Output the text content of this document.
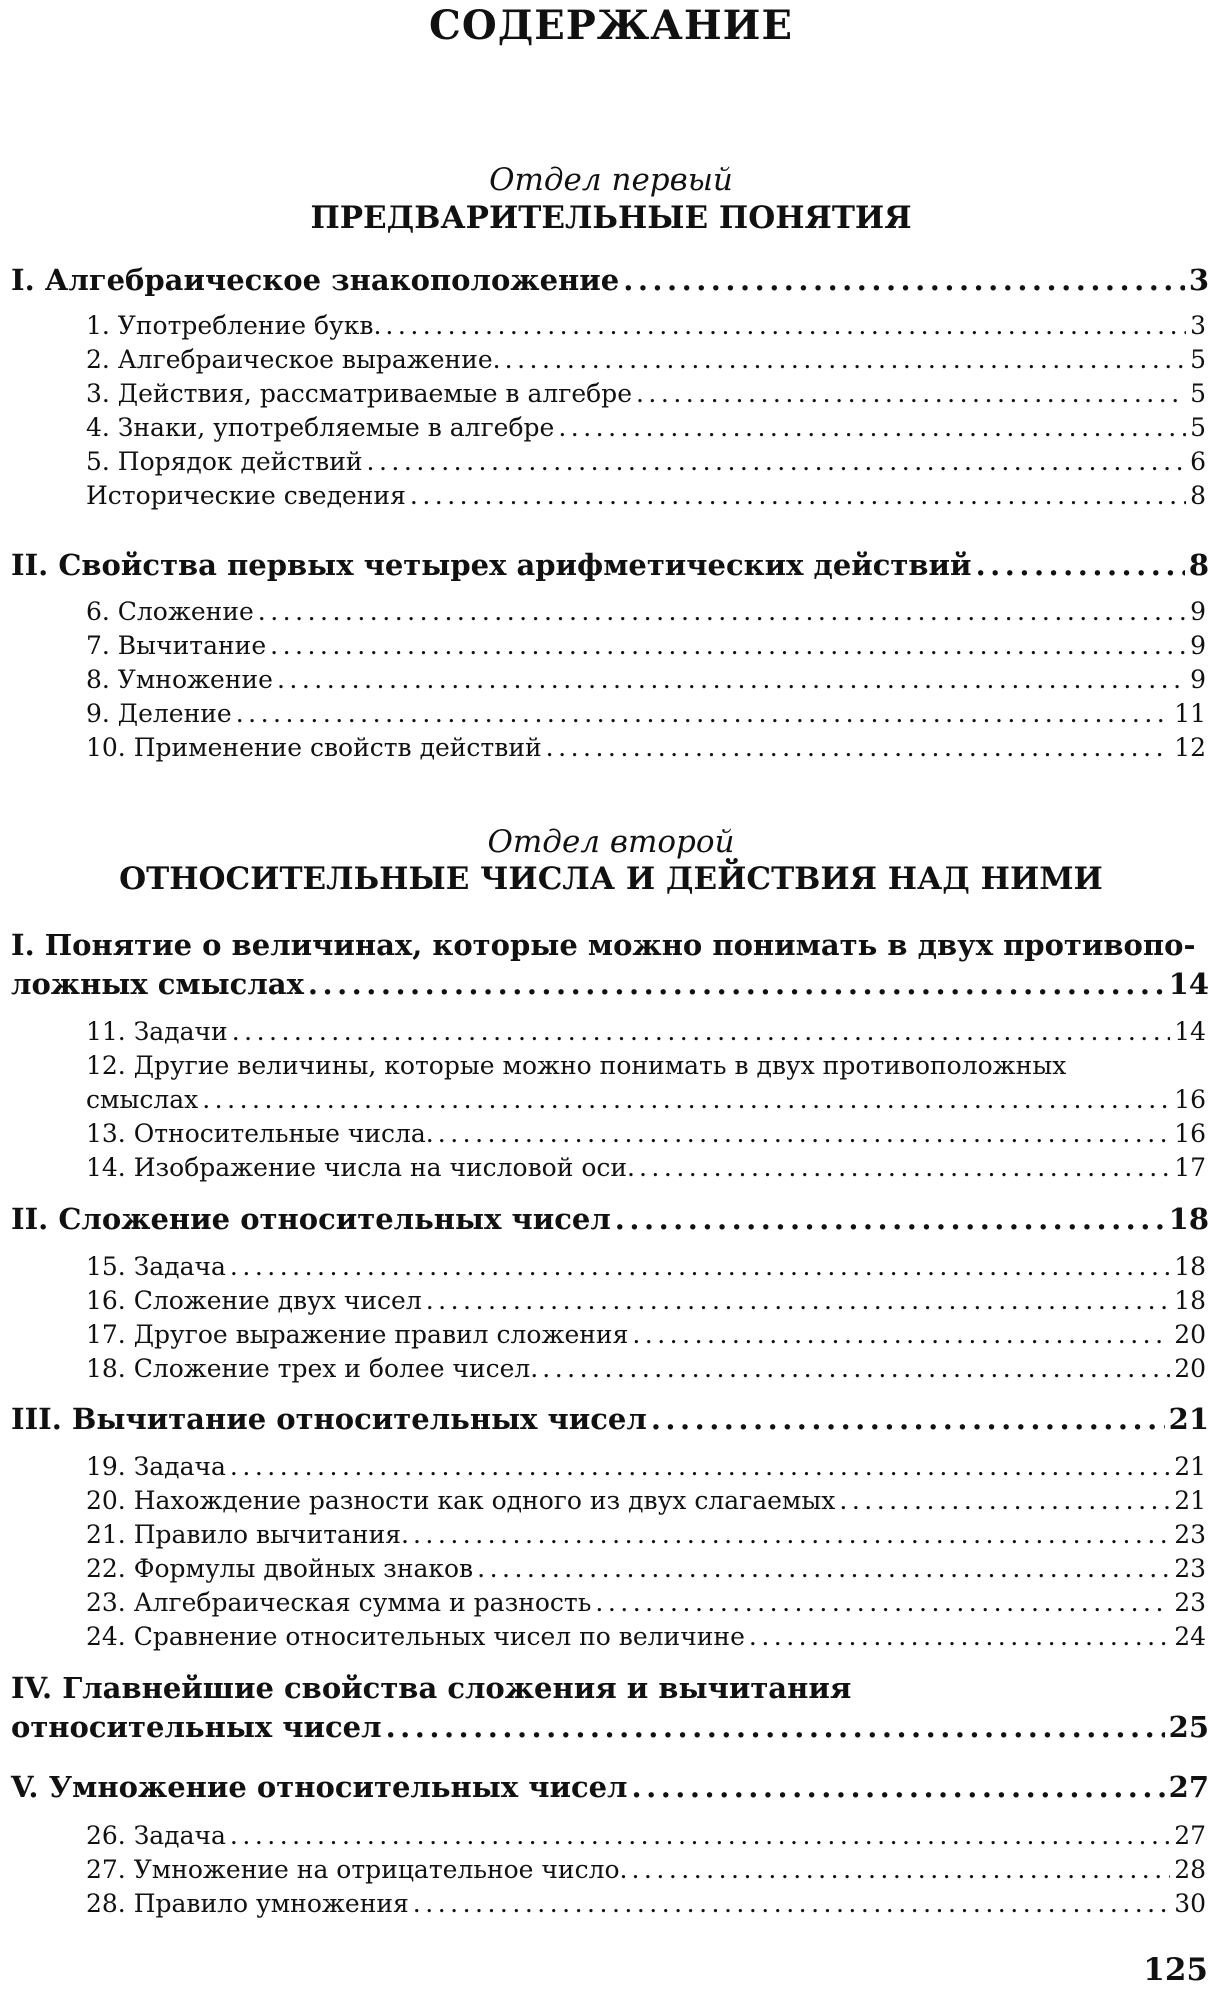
СОДЕРЖАНИЕ
Отдел первый
ПРЕДВАРИТЕЛЬНЫЕ ПОНЯТИЯ
I. Алгебраическое знакоположение .....	3
1. Употребление букв. .....	3
2. Алгебраическое выражение. .....	5
3. Действия, рассматриваемые в алгебре .....	5
4. Знаки, употребляемые в алгебре .....	5
5. Порядок действий .....	6
Исторические сведения .....	8
II. Свойства первых четырех арифметических действий .....	8
6. Сложение .....	9
7. Вычитание .....	9
8. Умножение .....	9
9. Деление .....	11
10. Применение свойств действий .....	12
Отдел второй
ОТНОСИТЕЛЬНЫЕ ЧИСЛА И ДЕЙСТВИЯ НАД НИМИ
I. Понятие о величинах, которые можно понимать в двух противопо-
ложных смыслах .....	14
11. Задачи .....	14
12. Другие величины, которые можно понимать в двух противоположных
смыслах .....	16
13. Относительные числа. .....	16
14. Изображение числа на числовой оси. .....	17
II. Сложение относительных чисел .....	18
15. Задача .....	18
16. Сложение двух чисел .....	18
17. Другое выражение правил сложения .....	20
18. Сложение трех и более чисел. .....	20
III. Вычитание относительных чисел .....	21
19. Задача .....	21
20. Нахождение разности как одного из двух слагаемых .....	21
21. Правило вычитания. .....	23
22. Формулы двойных знаков .....	23
23. Алгебраическая сумма и разность .....	23
24. Сравнение относительных чисел по величине .....	24
IV. Главнейшие свойства сложения и вычитания
относительных чисел .....	25
V. Умножение относительных чисел .....	27
26. Задача .....	27
27. Умножение на отрицательное число. .....	28
28. Правило умножения .....	30
125
